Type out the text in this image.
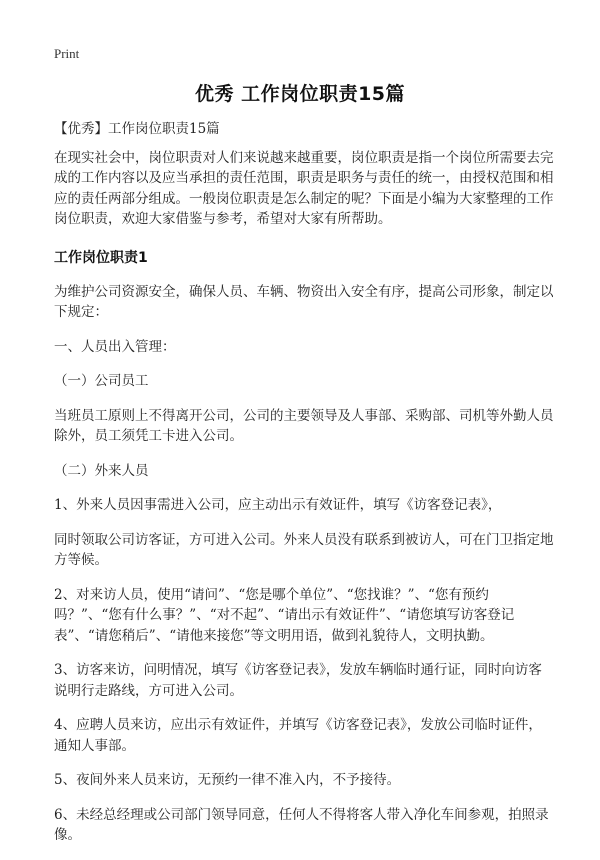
Print
优秀 工作岗位职责15篇
【优秀】工作岗位职责15篇
在现实社会中，岗位职责对人们来说越来越重要，岗位职责是指一个岗位所需要去完成的工作内容以及应当承担的责任范围，职责是职务与责任的统一，由授权范围和相应的责任两部分组成。一般岗位职责是怎么制定的呢？下面是小编为大家整理的工作岗位职责，欢迎大家借鉴与参考，希望对大家有所帮助。
工作岗位职责1
为维护公司资源安全，确保人员、车辆、物资出入安全有序，提高公司形象，制定以下规定：
一、人员出入管理：
（一）公司员工
当班员工原则上不得离开公司，公司的主要领导及人事部、采购部、司机等外勤人员除外，员工须凭工卡进入公司。
（二）外来人员
1、外来人员因事需进入公司，应主动出示有效证件，填写《访客登记表》，
同时领取公司访客证，方可进入公司。外来人员没有联系到被访人，可在门卫指定地方等候。
2、对来访人员，使用“请问”、“您是哪个单位”、“您找谁？”、“您有预约吗？”、“您有什么事？”、“对不起”、“请出示有效证件”、“请您填写访客登记表”、“请您稍后”、“请他来接您”等文明用语，做到礼貌待人，文明执勤。
3、访客来访，问明情况，填写《访客登记表》，发放车辆临时通行证，同时向访客说明行走路线，方可进入公司。
4、应聘人员来访，应出示有效证件，并填写《访客登记表》，发放公司临时证件，通知人事部。
5、夜间外来人员来访，无预约一律不准入内，不予接待。
6、未经总经理或公司部门领导同意，任何人不得将客人带入净化车间参观，拍照录像。
